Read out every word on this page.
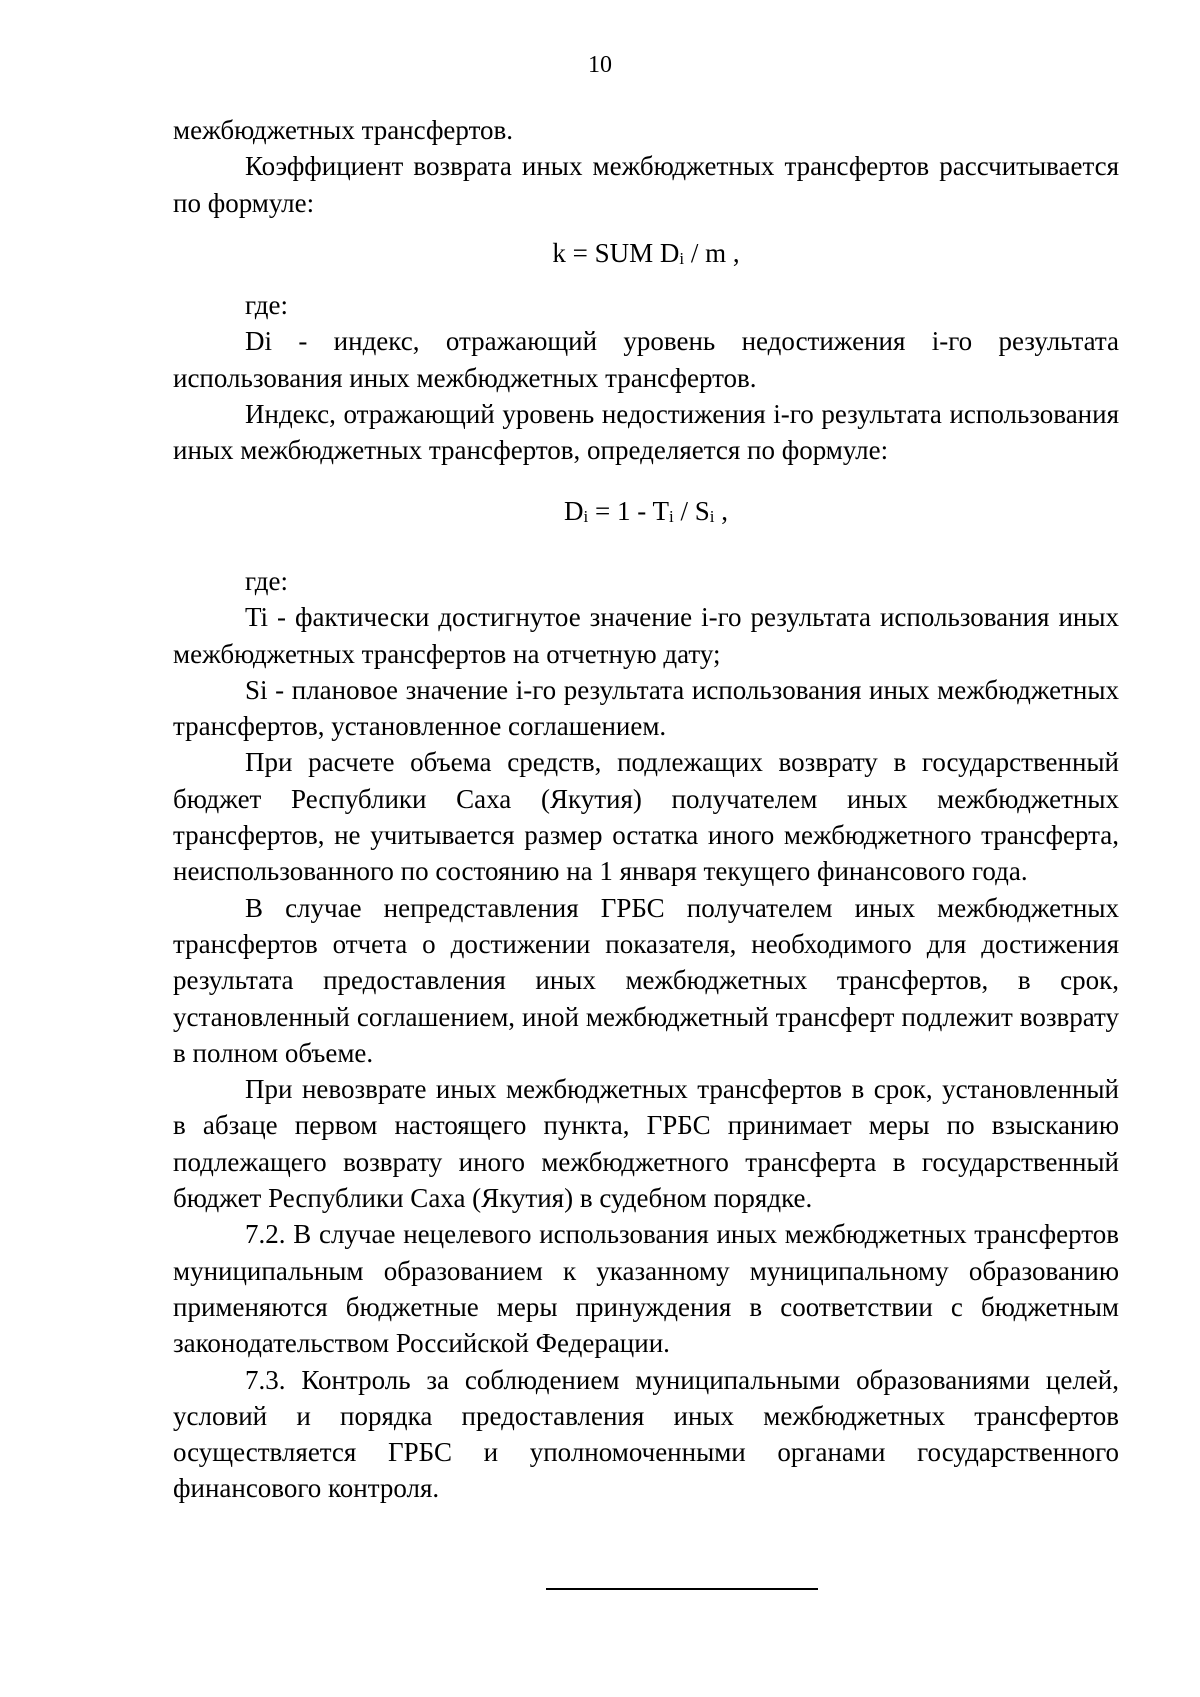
10

межбюджетных трансфертов.

Коэффициент возврата иных межбюджетных трансфертов рассчитывается по формуле:

k = SUM Di / m ,

где:

Di - индекс, отражающий уровень недостижения i-го результата использования иных межбюджетных трансфертов.

Индекс, отражающий уровень недостижения i-го результата использования иных межбюджетных трансфертов, определяется по формуле:

Di = 1 - Ti / Si ,

где:

Ti - фактически достигнутое значение i-го результата использования иных межбюджетных трансфертов на отчетную дату;

Si - плановое значение i-го результата использования иных межбюджетных трансфертов, установленное соглашением.

При расчете объема средств, подлежащих возврату в государственный бюджет Республики Саха (Якутия) получателем иных межбюджетных трансфертов, не учитывается размер остатка иного межбюджетного трансферта, неиспользованного по состоянию на 1 января текущего финансового года.

В случае непредставления ГРБС получателем иных межбюджетных трансфертов отчета о достижении показателя, необходимого для достижения результата предоставления иных межбюджетных трансфертов, в срок, установленный соглашением, иной межбюджетный трансферт подлежит возврату в полном объеме.

При невозврате иных межбюджетных трансфертов в срок, установленный в абзаце первом настоящего пункта, ГРБС принимает меры по взысканию подлежащего возврату иного межбюджетного трансферта в государственный бюджет Республики Саха (Якутия) в судебном порядке.

7.2. В случае нецелевого использования иных межбюджетных трансфертов муниципальным образованием к указанному муниципальному образованию применяются бюджетные меры принуждения в соответствии с бюджетным законодательством Российской Федерации.

7.3. Контроль за соблюдением муниципальными образованиями целей, условий и порядка предоставления иных межбюджетных трансфертов осуществляется ГРБС и уполномоченными органами государственного финансового контроля.
